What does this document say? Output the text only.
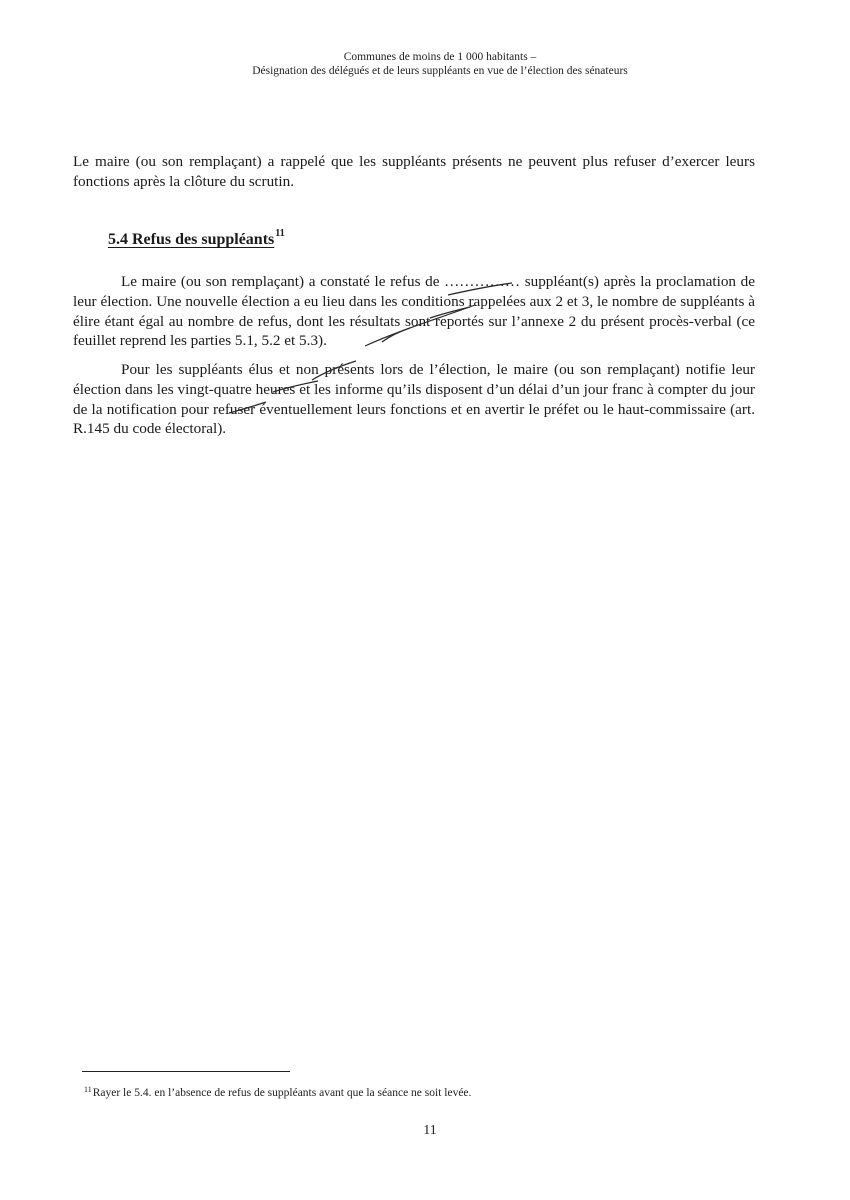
Communes de moins de 1 000 habitants –
Désignation des délégués et de leurs suppléants en vue de l’élection des sénateurs
Le maire (ou son remplaçant) a rappelé que les suppléants présents ne peuvent plus refuser d’exercer leurs fonctions après la clôture du scrutin.
5.4 Refus des suppléants$^{11}$
Le maire (ou son remplaçant) a constaté le refus de …………… suppléant(s) après la proclamation de leur élection. Une nouvelle élection a eu lieu dans les conditions rappelées aux 2 et 3, le nombre de suppléants à élire étant égal au nombre de refus, dont les résultats sont reportés sur l’annexe 2 du présent procès-verbal (ce feuillet reprend les parties 5.1, 5.2 et 5.3).
Pour les suppléants élus et non présents lors de l’élection, le maire (ou son remplaçant) notifie leur élection dans les vingt-quatre heures et les informe qu’ils disposent d’un délai d’un jour franc à compter du jour de la notification pour refuser éventuellement leurs fonctions et en avertir le préfet ou le haut-commissaire (art. R.145 du code électoral).
$^{11}$Rayer le 5.4. en l’absence de refus de suppléants avant que la séance ne soit levée.
11
